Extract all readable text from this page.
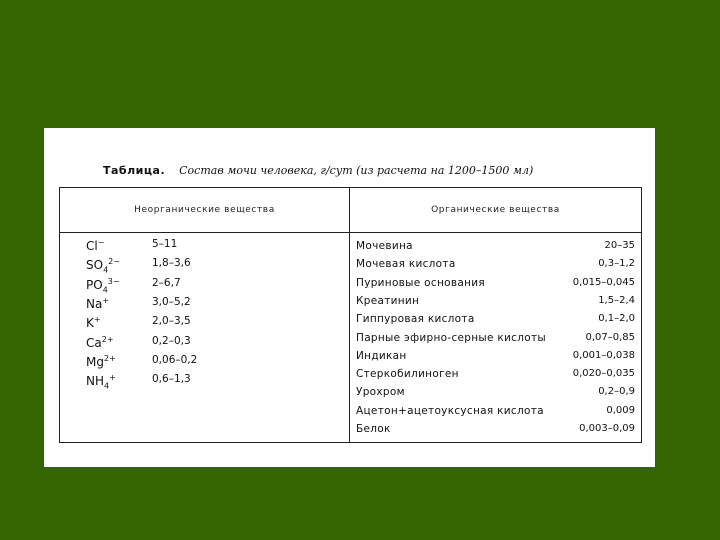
Таблица. Состав мочи человека, г/сут (из расчета на 1200–1500 мл)
Неорганические вещества	Органические вещества
Cl−	5–11
$SO_4^{2-}$	1,8–3,6
$PO_4^{3-}$	2–6,7
Na+	3,0–5,2
K+	2,0–3,5
$Ca^{2+}$	0,2–0,3
$Mg^{2+}$	0,06–0,2
$NH_4^+$	0,6–1,3
Мочевина	20–35
Мочевая кислота	0,3–1,2
Пуриновые основания	0,015–0,045
Креатинин	1,5–2,4
Гиппуровая кислота	0,1–2,0
Парные эфирно-серные кислоты	0,07–0,85
Индикан	0,001–0,038
Стеркобилиноген	0,020–0,035
Урохром	0,2–0,9
Ацетон+ацетоуксусная кислота	0,009
Белок	0,003–0,09
